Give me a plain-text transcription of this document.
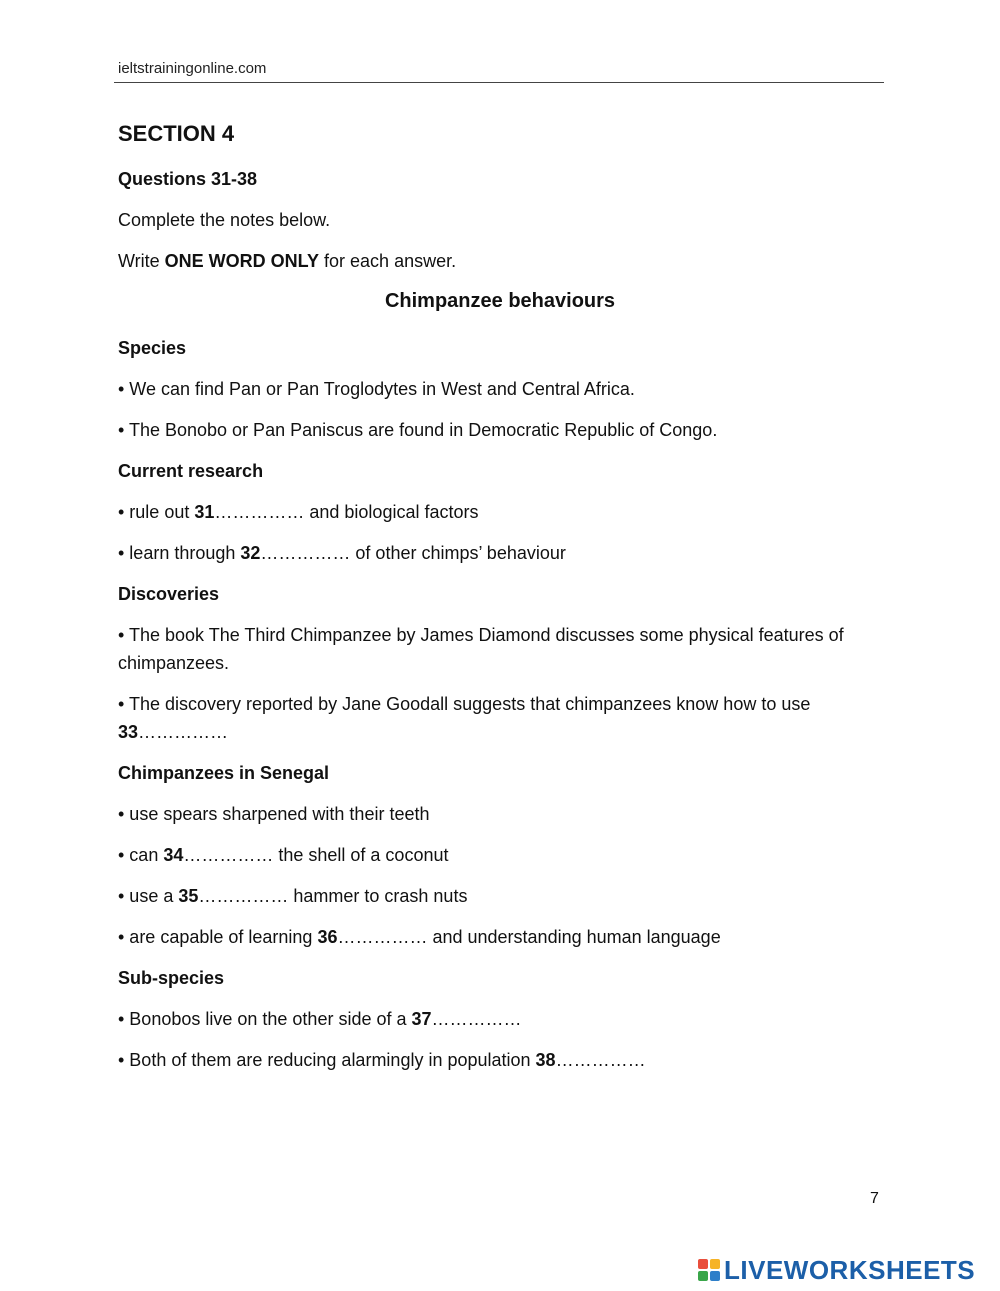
ieltstrainingonline.com
SECTION 4
Questions 31-38
Complete the notes below.
Write ONE WORD ONLY for each answer.
Chimpanzee behaviours
Species
• We can find Pan or Pan Troglodytes in West and Central Africa.
• The Bonobo or Pan Paniscus are found in Democratic Republic of Congo.
Current research
• rule out 31…………… and biological factors
• learn through 32…………… of other chimps’ behaviour
Discoveries
• The book The Third Chimpanzee by James Diamond discusses some physical features of chimpanzees.
• The discovery reported by Jane Goodall suggests that chimpanzees know how to use 33……………
Chimpanzees in Senegal
• use spears sharpened with their teeth
• can 34…………… the shell of a coconut
• use a 35…………… hammer to crash nuts
• are capable of learning 36…………… and understanding human language
Sub-species
• Bonobos live on the other side of a 37……………
• Both of them are reducing alarmingly in population 38……………
7
LIVEWORKSHEETS
